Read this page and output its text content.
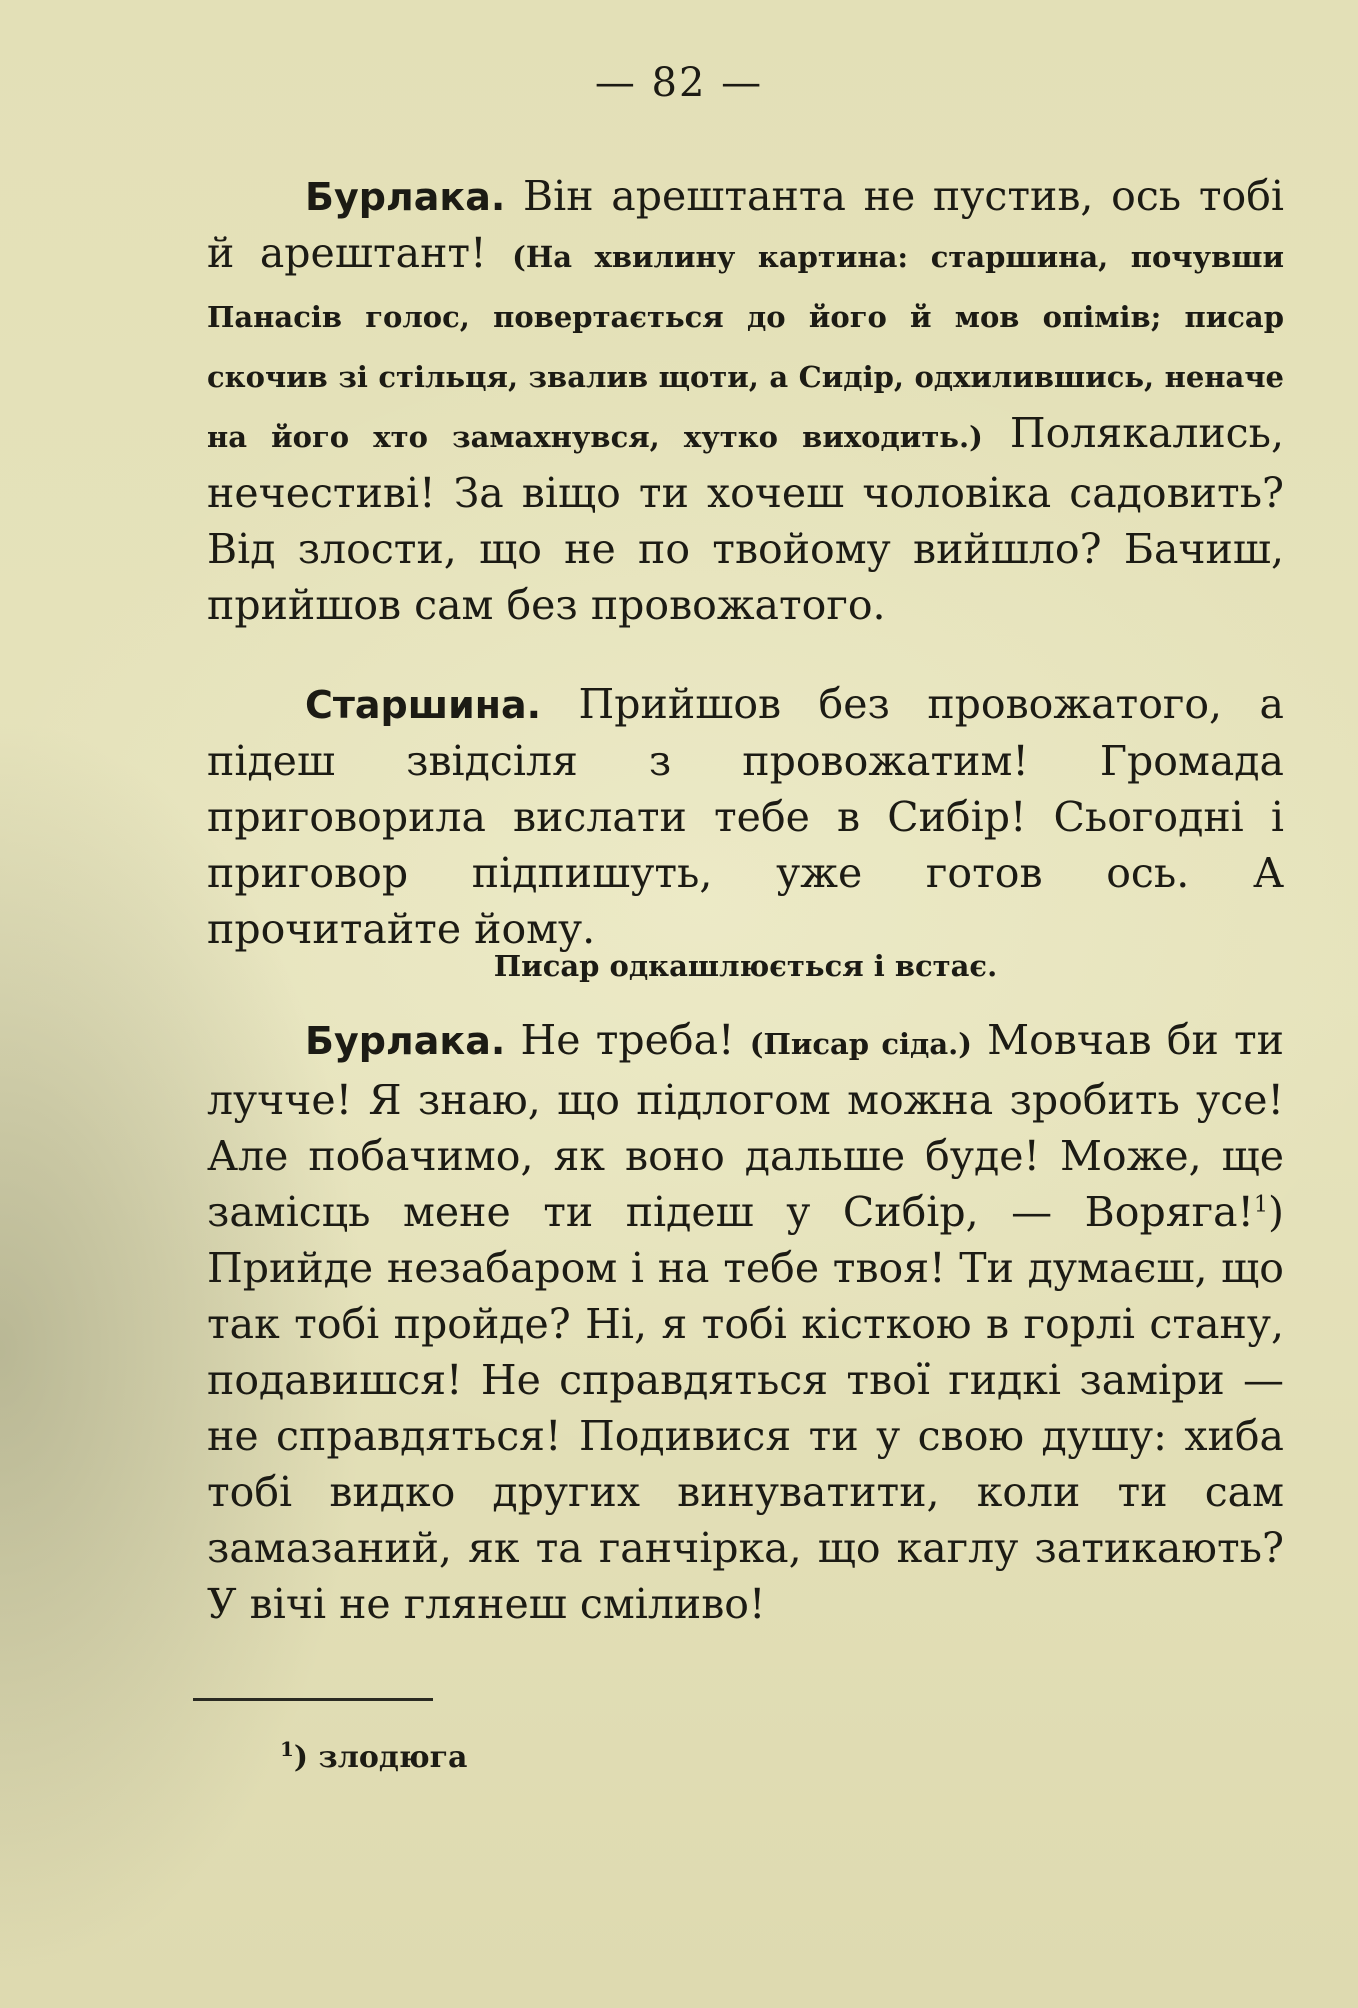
— 82 —

Бурлака. Він арештанта не пустив, ось тобі й арештант! (На хвилину картина: старшина, почувши Панасів голос, повертається до його й мов опімів; писар скочив зі стільця, звалив щоти, а Сидір, одхилившись, неначе на його хто замахнувся, хутко виходить.) Полякались, нечестиві! За віщо ти хочеш чоловіка садовить? Від злости, що не по твойому вийшло? Бачиш, прийшов сам без провожатого.

Старшина. Прийшов без провожатого, а підеш звідсіля з провожатим! Громада приговорила вислати тебе в Сибір! Сьогодні і приговор підпишуть, уже готов ось. А прочитайте йому.

Писар одкашлюється і встає.

Бурлака. Не треба! (Писар сіда.) Мовчав би ти лучче! Я знаю, що підлогом можна зробить усе! Але побачимо, як воно дальше буде! Може, ще замісць мене ти підеш у Сибір, — Воряга!$^1$) Прийде незабаром і на тебе твоя! Ти думаєш, що так тобі пройде? Ні, я тобі кісткою в горлі стану, подавишся! Не справдяться твої гидкі заміри — не справдяться! Подивися ти у свою душу: хиба тобі видко других винуватити, коли ти сам замазаний, як та ганчірка, що каглу затикають? У вічі не глянеш сміливо!

$^1$) злодюга
